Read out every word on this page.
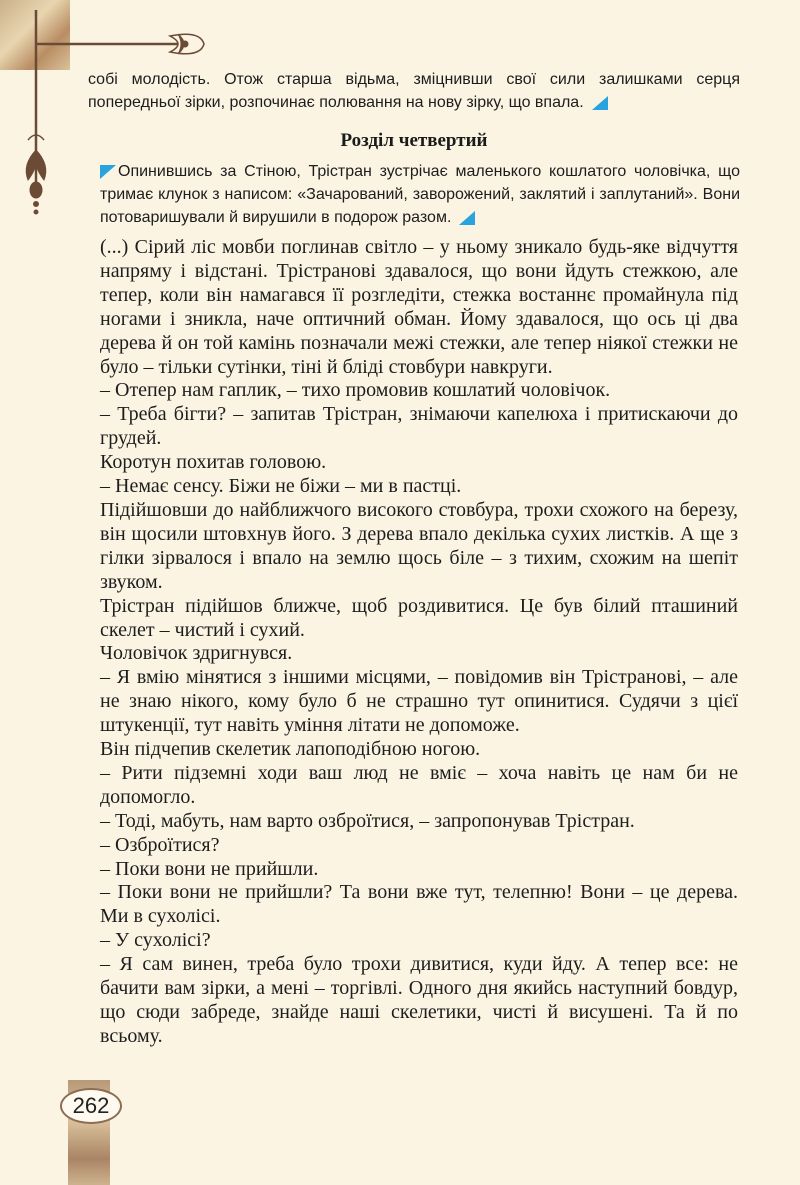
собі молодість. Отож старша відьма, зміцнивши свої сили залишками серця попередньої зірки, розпочинає полювання на нову зірку, що впала.
Розділ четвертий
Опинившись за Стіною, Трістран зустрічає маленького кошлатого чоловічка, що тримає клунок з написом: «Зачарований, заворожений, заклятий і заплутаний». Вони потоваришували й вирушили в подорож разом.

(...) Сірий ліс мовби поглинав світло – у ньому зникало будь-яке відчуття напряму і відстані. Трістранові здавалося, що вони йдуть стежкою, але тепер, коли він намагався її розгледіти, стежка востаннє промайнула під ногами і зникла, наче оптичний обман. Йому здавалося, що ось ці два дерева й он той камінь позначали межі стежки, але тепер ніякої стежки не було – тільки сутінки, тіні й бліді стовбури навкруги.

– Отепер нам гаплик, – тихо промовив кошлатий чоловічок.

– Треба бігти? – запитав Трістран, знімаючи капелюха і притискаючи до грудей.

Коротун похитав головою.

– Немає сенсу. Біжи не біжи – ми в пастці.

Підійшовши до найближчого високого стовбура, трохи схожого на березу, він щосили штовхнув його. З дерева впало декілька сухих листків. А ще з гілки зірвалося і впало на землю щось біле – з тихим, схожим на шепіт звуком.

Трістран підійшов ближче, щоб роздивитися. Це був білий пташиний скелет – чистий і сухий.

Чоловічок здригнувся.

– Я вмію мінятися з іншими місцями, – повідомив він Трістранові, – але не знаю нікого, кому було б не страшно тут опинитися. Судячи з цієї штукенції, тут навіть уміння літати не допоможе.

Він підчепив скелетик лапоподібною ногою.

– Рити підземні ходи ваш люд не вміє – хоча навіть це нам би не допомогло.

– Тоді, мабуть, нам варто озброїтися, – запропонував Трістран.

– Озброїтися?

– Поки вони не прийшли.

– Поки вони не прийшли? Та вони вже тут, телепню! Вони – це дерева. Ми в сухолісі.

– У сухолісі?

– Я сам винен, треба було трохи дивитися, куди йду. А тепер все: не бачити вам зірки, а мені – торгівлі. Одного дня якийсь наступний бовдур, що сюди забреде, знайде наші скелетики, чисті й висушені. Та й по всьому.

262
